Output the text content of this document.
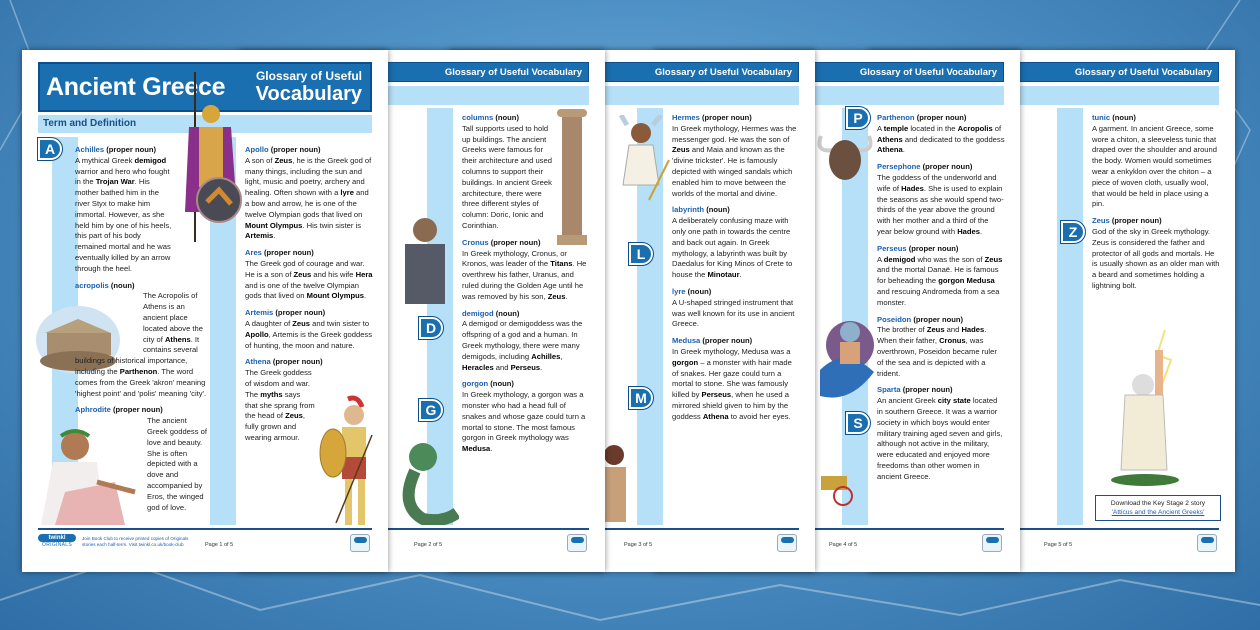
Glossary of Useful Vocabulary
Z
tunic (noun)
A garment. In ancient Greece, some wore a chiton, a sleeveless tunic that draped over the shoulder and around the body. Women would sometimes wear a enkyklon over the chiton – a piece of woven cloth, usually wool, that would be held in place using a pin.
Zeus (proper noun)
God of the sky in Greek mythology. Zeus is considered the father and protector of all gods and mortals. He is usually shown as an older man with a beard and sometimes holding a lightning bolt.
Download the Key Stage 2 story
'Atticus and the Ancient Greeks'
Page 5 of 5
Glossary of Useful Vocabulary
P
S
Parthenon (proper noun)
A temple located in the Acropolis of Athens and dedicated to the goddess Athena.
Persephone (proper noun)
The goddess of the underworld and wife of Hades. She is used to explain the seasons as she would spend two-thirds of the year above the ground with her mother and a third of the year below ground with Hades.
Perseus (proper noun)
A demigod who was the son of Zeus and the mortal Danaë. He is famous for beheading the gorgon Medusa and rescuing Andromeda from a sea monster.
Poseidon (proper noun)
The brother of Zeus and Hades. When their father, Cronus, was overthrown, Poseidon became ruler of the sea and is depicted with a trident.
Sparta (proper noun)
An ancient Greek city state located in southern Greece. It was a warrior society in which boys would enter military training aged seven and girls, although not active in the military, were educated and enjoyed more freedoms than other women in ancient Greece.
Page 4 of 5
Glossary of Useful Vocabulary
L
M
Hermes (proper noun)
In Greek mythology, Hermes was the messenger god. He was the son of Zeus and Maia and known as the 'divine trickster'. He is famously depicted with winged sandals which enabled him to move between the worlds of the mortal and divine.
labyrinth (noun)
A deliberately confusing maze with only one path in towards the centre and back out again. In Greek mythology, a labyrinth was built by Daedalus for King Minos of Crete to house the Minotaur.
lyre (noun)
A U-shaped stringed instrument that was well known for its use in ancient Greece.
Medusa (proper noun)
In Greek mythology, Medusa was a gorgon – a monster with hair made of snakes. Her gaze could turn a mortal to stone. She was famously killed by Perseus, when he used a mirrored shield given to him by the goddess Athena to avoid her eyes.
Page 3 of 5
Glossary of Useful Vocabulary
D
G
columns (noun)
Tall supports used to hold up buildings. The ancient Greeks were famous for their architecture and used columns to support their buildings. In ancient Greek architecture, there were three different styles of column: Doric, Ionic and Corinthian.
Cronus (proper noun)
In Greek mythology, Cronus, or Kronos, was leader of the Titans. He overthrew his father, Uranus, and ruled during the Golden Age until he was removed by his son, Zeus.
demigod (noun)
A demigod or demigoddess was the offspring of a god and a human. In Greek mythology, there were many demigods, including Achilles, Heracles and Perseus.
gorgon (noun)
In Greek mythology, a gorgon was a monster who had a head full of snakes and whose gaze could turn a mortal to stone. The most famous gorgon in Greek mythology was Medusa.
Page 2 of 5
Ancient Greece	Glossary of Useful
Vocabulary
Term and Definition
A	Achilles (proper noun)
A mythical Greek demigod warrior and hero who fought in the Trojan War. His mother bathed him in the river Styx to make him immortal. However, as she held him by one of his heels, this part of his body remained mortal and he was eventually killed by an arrow through the heel.
acropolis (noun)
The Acropolis of Athens is an ancient place located above the city of Athens. It contains several buildings of historical importance, including the Parthenon. The word comes from the Greek 'akron' meaning 'highest point' and 'polis' meaning 'city'.
Aphrodite (proper noun)
The ancient Greek goddess of love and beauty. She is often depicted with a dove and accompanied by Eros, the winged god of love.
Apollo (proper noun)
A son of Zeus, he is the Greek god of many things, including the sun and light, music and poetry, archery and healing. Often shown with a lyre and a bow and arrow, he is one of the twelve Olympian gods that lived on Mount Olympus. His twin sister is Artemis.
Ares (proper noun)
The Greek god of courage and war. He is a son of Zeus and his wife Hera and is one of the twelve Olympian gods that lived on Mount Olympus.
Artemis (proper noun)
A daughter of Zeus and twin sister to Apollo, Artemis is the Greek goddess of hunting, the moon and nature.
Athena (proper noun)
The Greek goddess of wisdom and war. The myths says that she sprang from the head of Zeus, fully grown and wearing armour.
twinkl
ORIGINALS
Join Book Club to receive printed copies of Originals stories each half-term. Visit twinkl.co.uk/book-club	Page 1 of 5
